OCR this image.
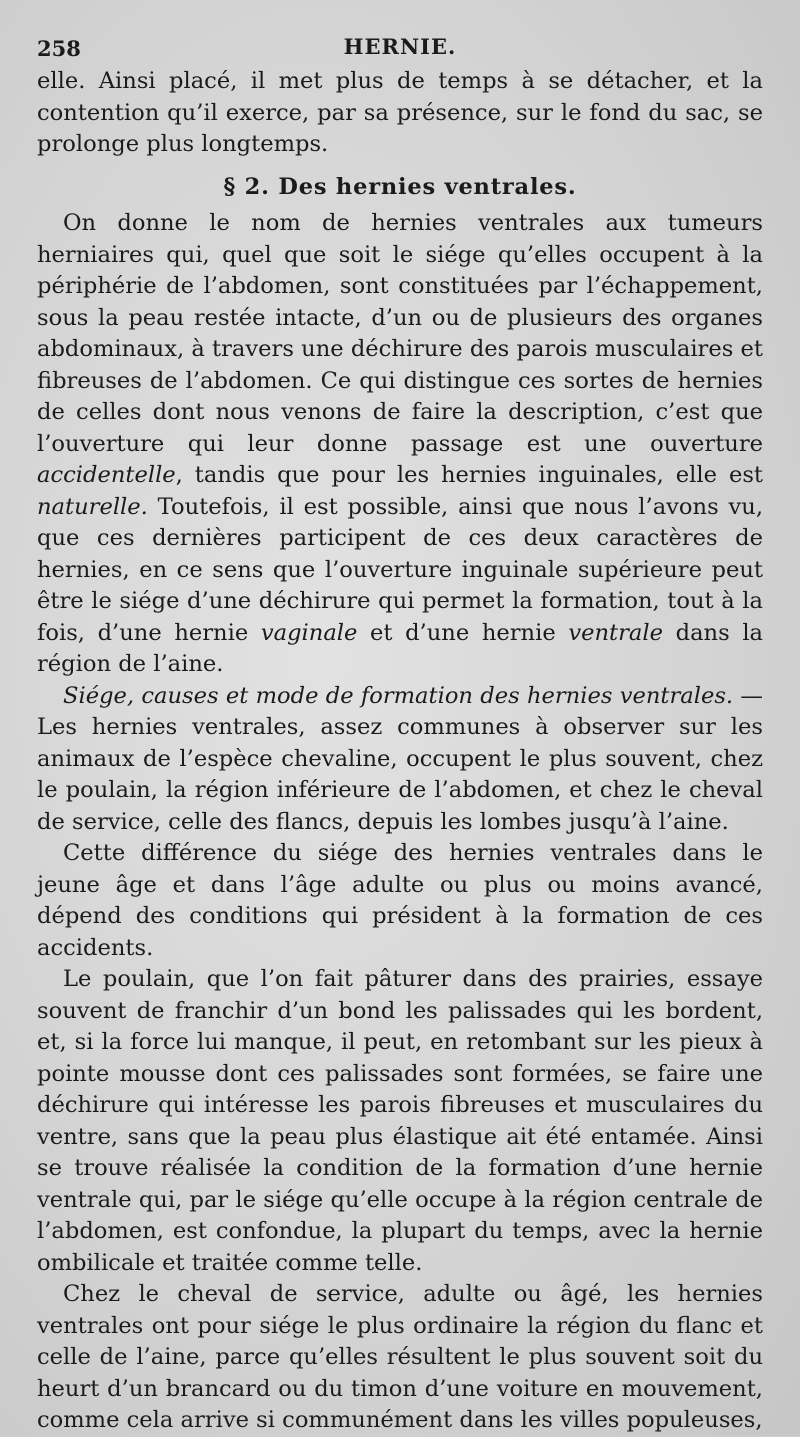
258	HERNIE.

elle. Ainsi placé, il met plus de temps à se détacher, et la contention qu’il exerce, par sa présence, sur le fond du sac, se prolonge plus longtemps.

§ 2. Des hernies ventrales.

On donne le nom de hernies ventrales aux tumeurs herniaires qui, quel que soit le siége qu’elles occupent à la périphérie de l’abdomen, sont constituées par l’échappement, sous la peau restée intacte, d’un ou de plusieurs des organes abdominaux, à travers une déchirure des parois musculaires et fibreuses de l’abdomen. Ce qui distingue ces sortes de hernies de celles dont nous venons de faire la description, c’est que l’ouverture qui leur donne passage est une ouverture accidentelle, tandis que pour les hernies inguinales, elle est naturelle. Toutefois, il est possible, ainsi que nous l’avons vu, que ces dernières participent de ces deux caractères de hernies, en ce sens que l’ouverture inguinale supérieure peut être le siége d’une déchirure qui permet la formation, tout à la fois, d’une hernie vaginale et d’une hernie ventrale dans la région de l’aine.

Siége, causes et mode de formation des hernies ventrales. — Les hernies ventrales, assez communes à observer sur les animaux de l’espèce chevaline, occupent le plus souvent, chez le poulain, la région inférieure de l’abdomen, et chez le cheval de service, celle des flancs, depuis les lombes jusqu’à l’aine.

Cette différence du siége des hernies ventrales dans le jeune âge et dans l’âge adulte ou plus ou moins avancé, dépend des conditions qui président à la formation de ces accidents.

Le poulain, que l’on fait pâturer dans des prairies, essaye souvent de franchir d’un bond les palissades qui les bordent, et, si la force lui manque, il peut, en retombant sur les pieux à pointe mousse dont ces palissades sont formées, se faire une déchirure qui intéresse les parois fibreuses et musculaires du ventre, sans que la peau plus élastique ait été entamée. Ainsi se trouve réalisée la condition de la formation d’une hernie ventrale qui, par le siége qu’elle occupe à la région centrale de l’abdomen, est confondue, la plupart du temps, avec la hernie ombilicale et traitée comme telle.

Chez le cheval de service, adulte ou âgé, les hernies ventrales ont pour siége le plus ordinaire la région du flanc et celle de l’aine, parce qu’elles résultent le plus souvent soit du heurt d’un brancard ou du timon d’une voiture en mouvement, comme cela arrive si communément dans les villes populeuses,
